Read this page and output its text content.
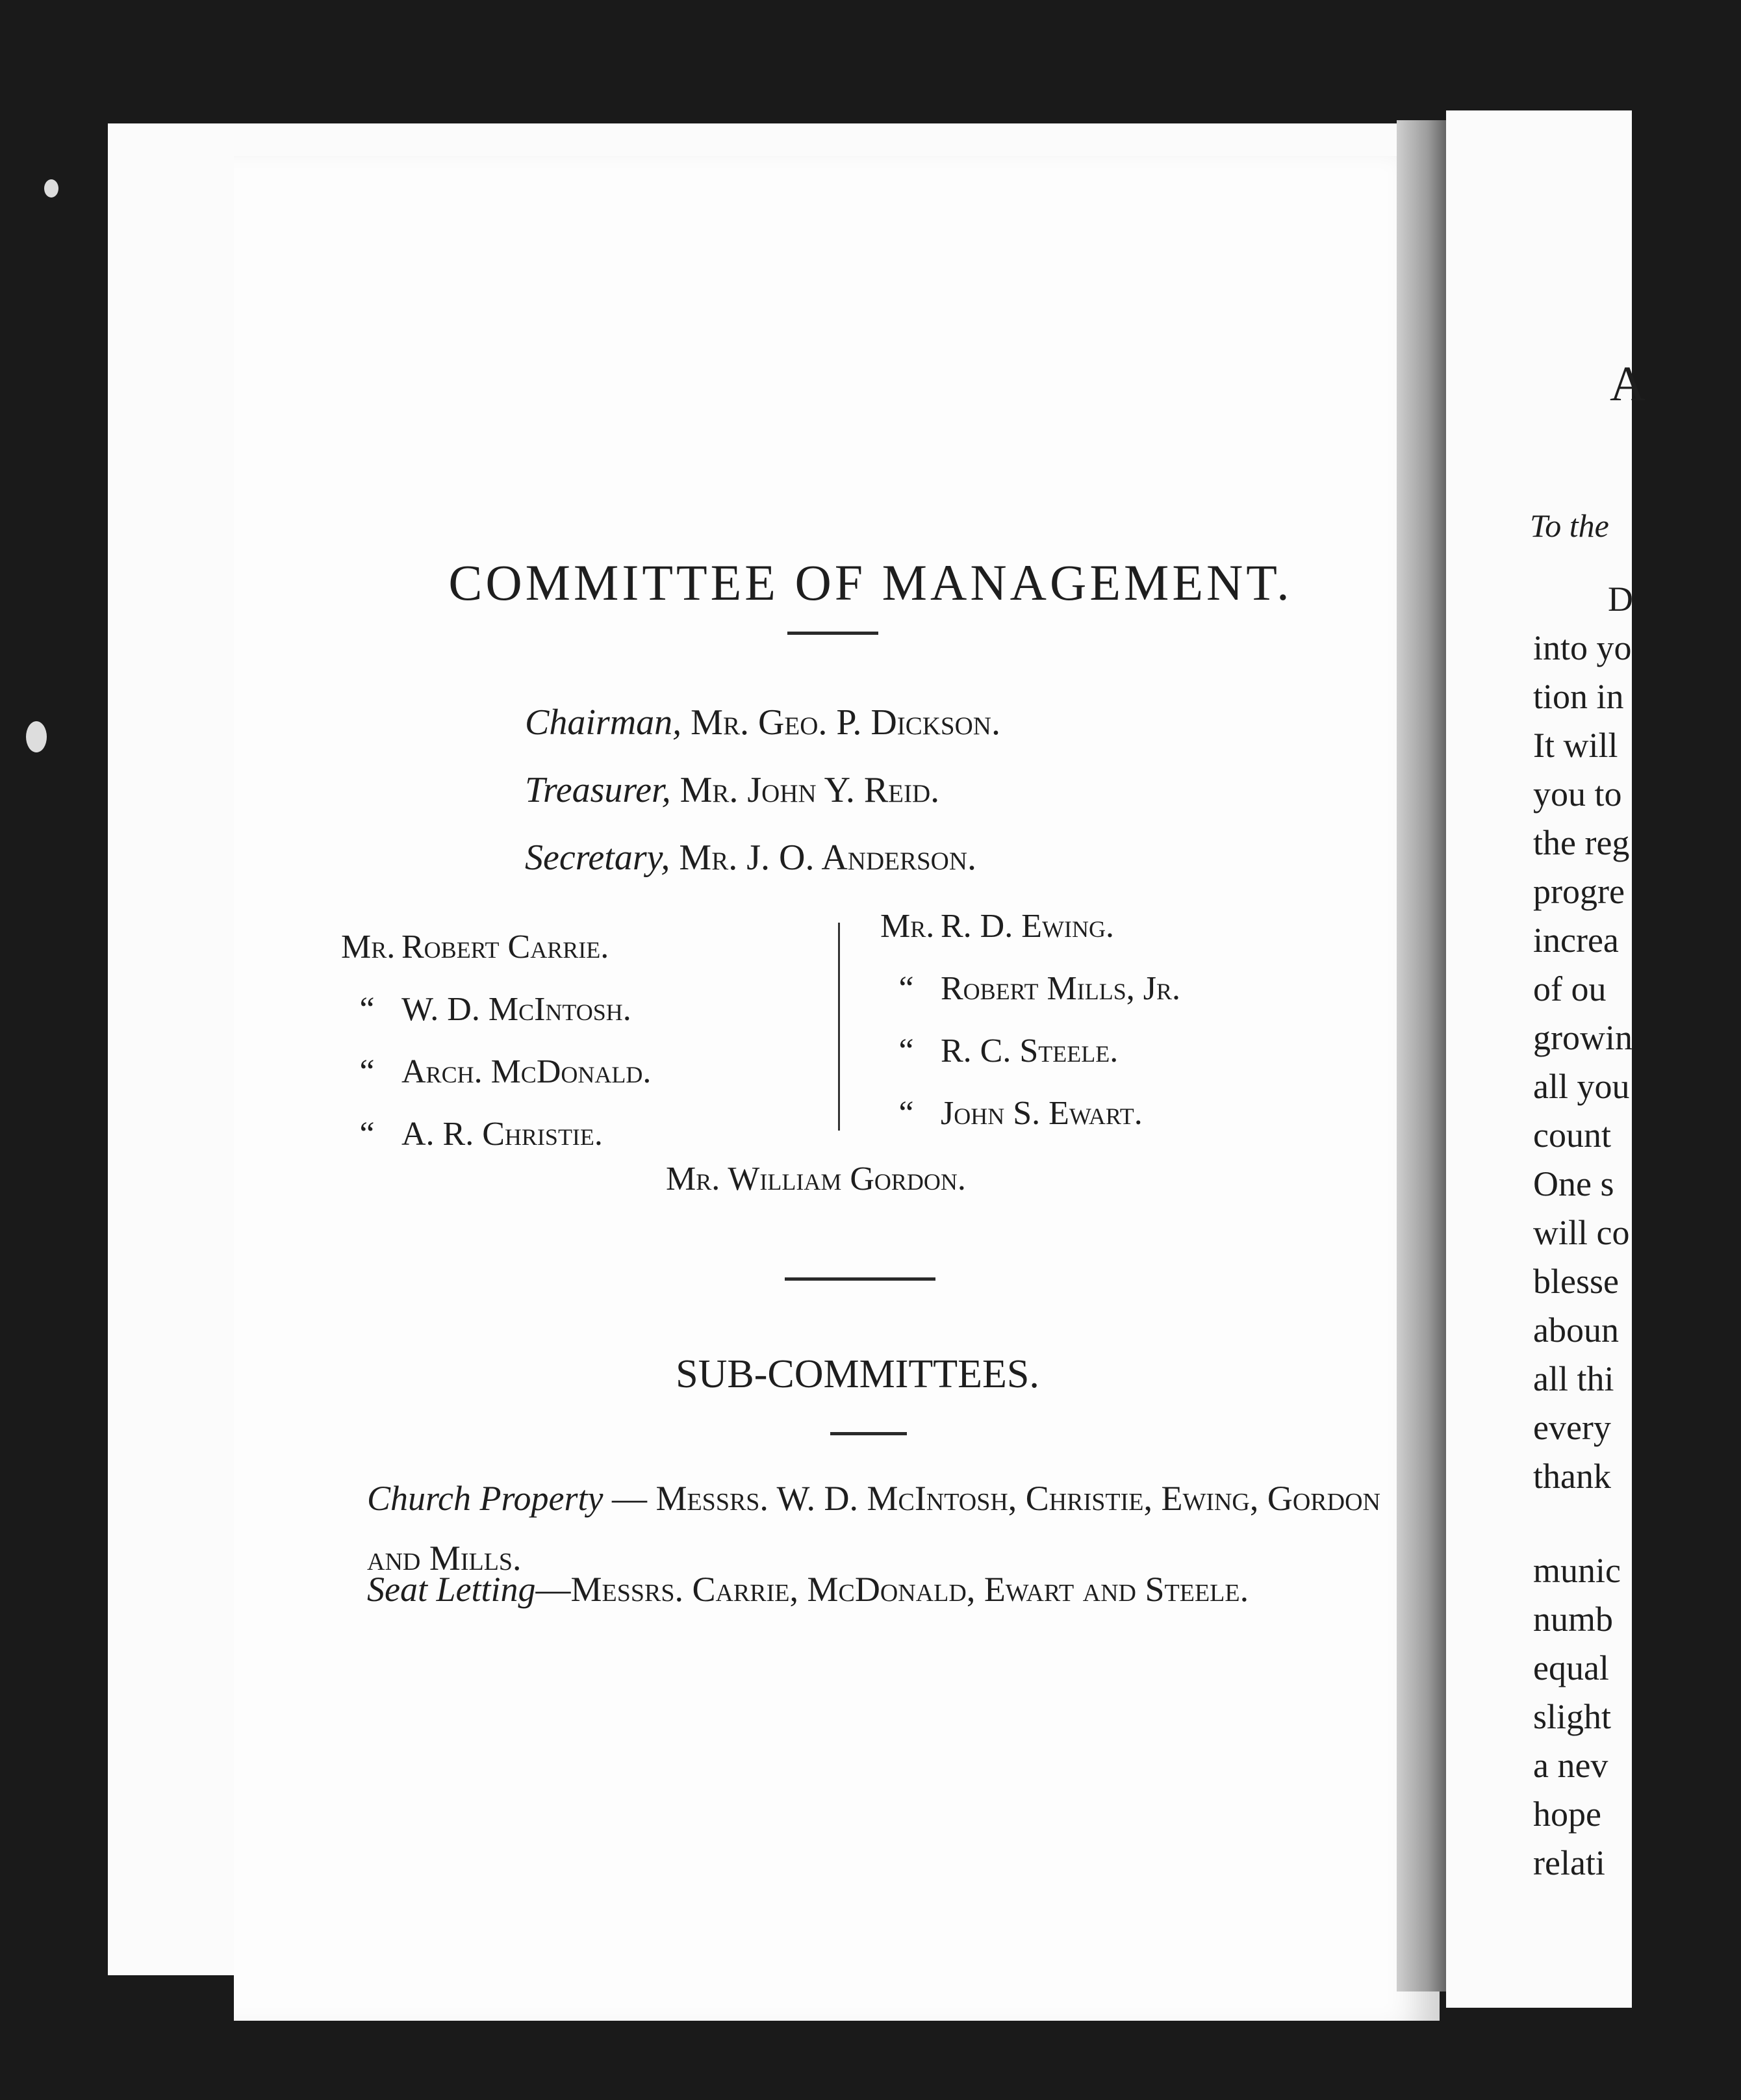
COMMITTEE OF MANAGEMENT.
Chairman, Mr. Geo. P. Dickson.
Treasurer, Mr. John Y. Reid.
Secretary, Mr. J. O. Anderson.
Mr. Robert Carrie.
“ W. D. McIntosh.
“ Arch. McDonald.
“ A. R. Christie.
Mr. R. D. Ewing.
“ Robert Mills, Jr.
“ R. C. Steele.
“ John S. Ewart.
Mr. William Gordon.
SUB-COMMITTEES.
Church Property — Messrs. W. D. McIntosh, Christie, Ewing, Gordon and Mills.
Seat Letting—Messrs. Carrie, McDonald, Ewart and Steele.
A
To the
D
into yo
tion in
It will
you to
the reg
progre
increa
of ou
growin
all you
count
One s
will co
blesse
aboun
all thi
every
thank
munic
numb
equal
slight
a nev
hope
relati
